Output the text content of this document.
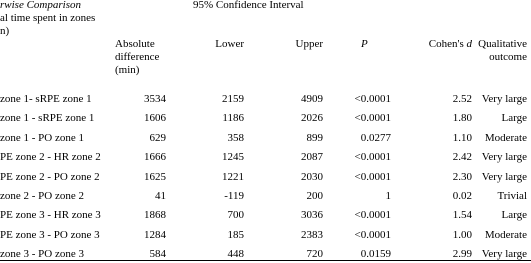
rwise Comparison
al time spent in zones
n)
95% Confidence Interval
Absolute
difference
(min)
Lower	Upper	P	Cohen's d Qualitative
outcome
zone 1- sRPE zone 1	3534	2159	4909	<0.0001	2.52 Very large
zone 1 - sRPE zone 1	1606	1186	2026	<0.0001	1.80	Large
zone 1 - PO zone 1	629	358	899	0.0277	1.10	Moderate
PE zone 2 - HR zone 2	1666	1245	2087	<0.0001	2.42 Very large
PE zone 2 - PO zone 2	1625	1221	2030	<0.0001	2.30 Very large
zone 2 - PO zone 2	41	-119	200	1	0.02	Trivial
PE zone 3 - HR zone 3	1868	700	3036	<0.0001	1.54	Large
PE zone 3 - PO zone 3	1284	185	2383	<0.0001	1.00	Moderate
zone 3 - PO zone 3	584	448	720	0.0159	2.99 Very large
